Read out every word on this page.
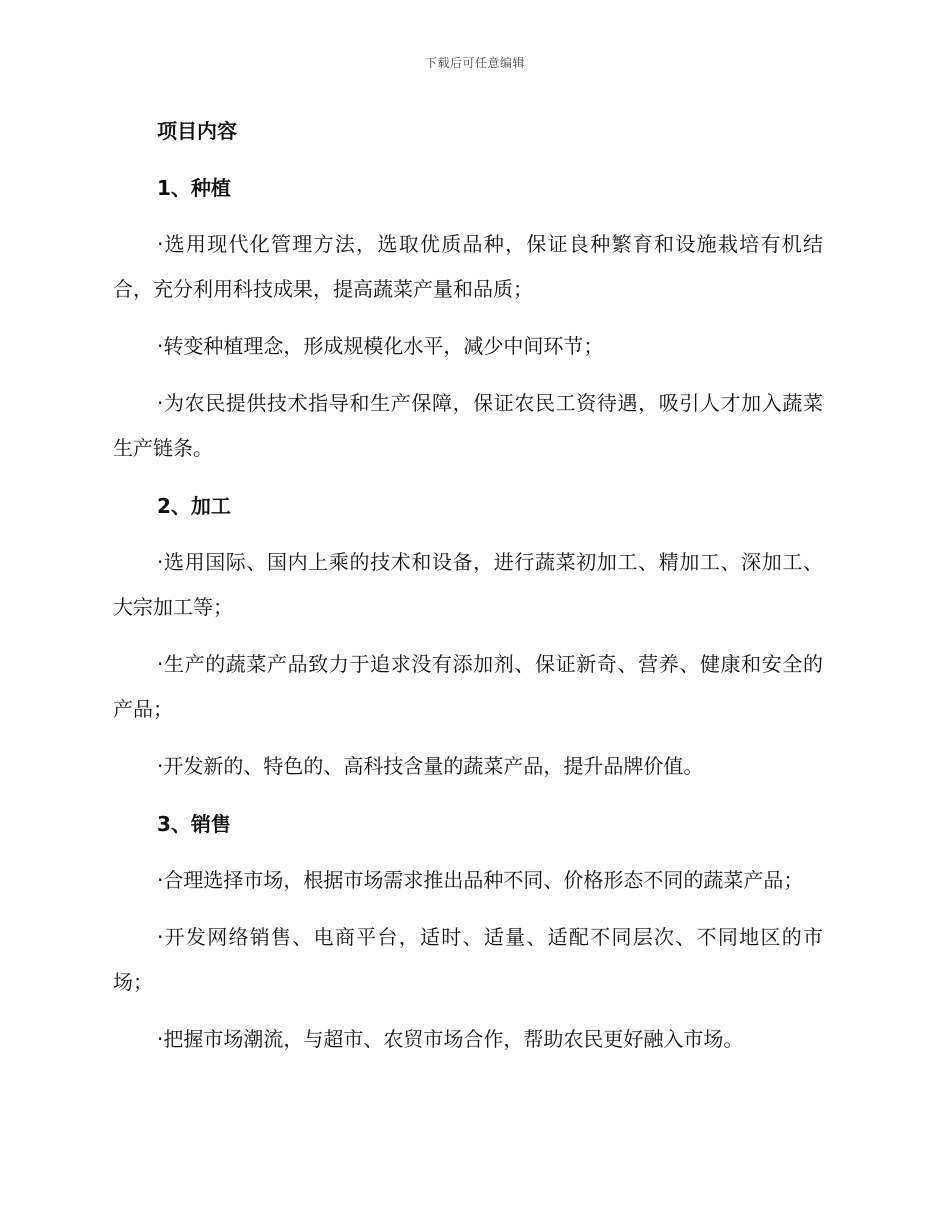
下载后可任意编辑
项目内容
1、种植

·选用现代化管理方法，选取优质品种，保证良种繁育和设施栽培有机结合，充分利用科技成果，提高蔬菜产量和品质；

·转变种植理念，形成规模化水平，减少中间环节；

·为农民提供技术指导和生产保障，保证农民工资待遇，吸引人才加入蔬菜生产链条。

2、加工

·选用国际、国内上乘的技术和设备，进行蔬菜初加工、精加工、深加工、大宗加工等；

·生产的蔬菜产品致力于追求没有添加剂、保证新奇、营养、健康和安全的产品；

·开发新的、特色的、高科技含量的蔬菜产品，提升品牌价值。

3、销售

·合理选择市场，根据市场需求推出品种不同、价格形态不同的蔬菜产品；

·开发网络销售、电商平台，适时、适量、适配不同层次、不同地区的市场；

·把握市场潮流，与超市、农贸市场合作，帮助农民更好融入市场。
